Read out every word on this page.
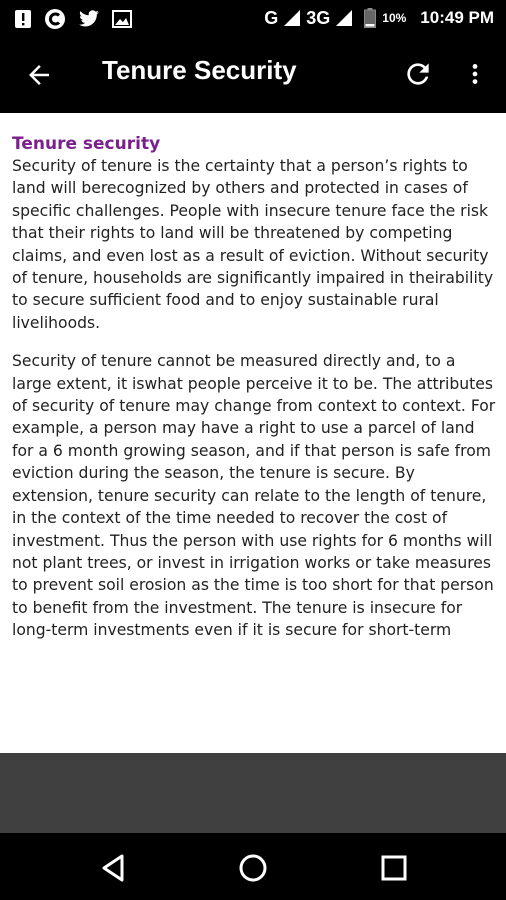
G 3G	10% 10:49 PM
Tenure Security
Tenure security

Security of tenure is the certainty that a person’s rights to land will berecognized by others and protected in cases of specific challenges. People with insecure tenure face the risk that their rights to land will be threatened by competing claims, and even lost as a result of eviction. Without security of tenure, households are significantly impaired in theirability to secure sufficient food and to enjoy sustainable rural livelihoods.

Security of tenure cannot be measured directly and, to a large extent, it iswhat people perceive it to be. The attributes of security of tenure may change from context to context. For example, a person may have a right to use a parcel of land for a 6 month growing season, and if that person is safe from eviction during the season, the tenure is secure. By extension, tenure security can relate to the length of tenure, in the context of the time needed to recover the cost of investment. Thus the person with use rights for 6 months will not plant trees, or invest in irrigation works or take measures to prevent soil erosion as the time is too short for that person to benefit from the investment. The tenure is insecure for long-term investments even if it is secure for short-term
